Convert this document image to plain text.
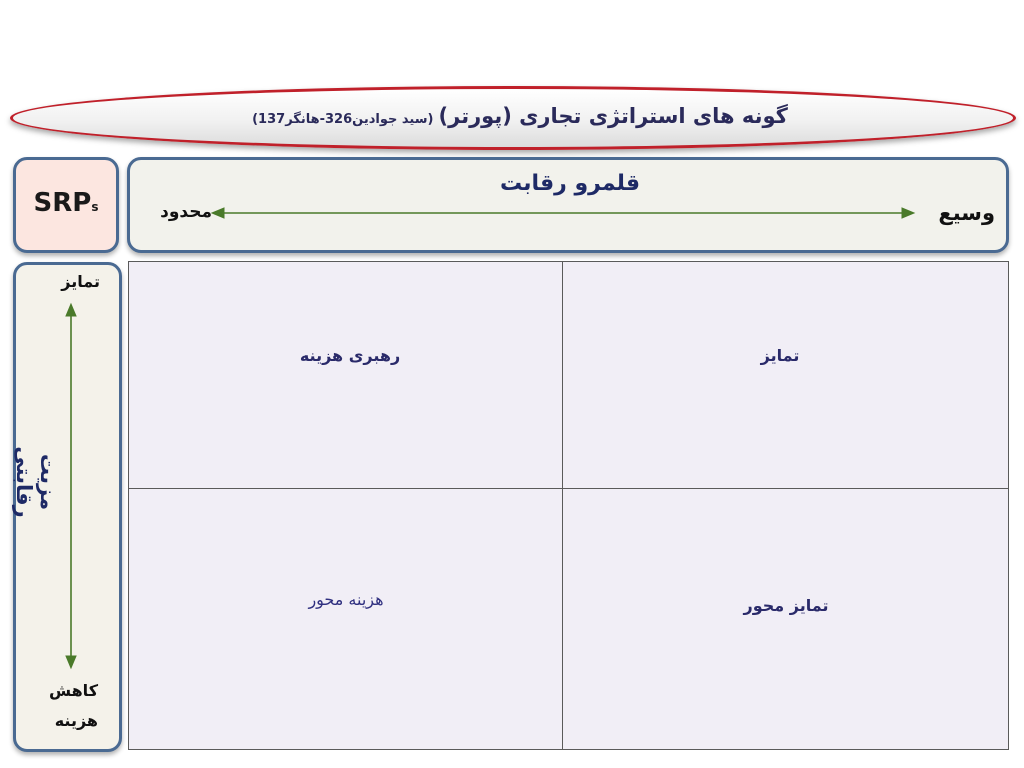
گونه های استراتژی تجاری (پورتر) (سید جوادین326-هانگر137)
SRPs
قلمرو رقابت
وسیع
محدود
تمایز
مزیت رقابتی
کاهش
هزینه
رهبری هزینه	تمایز
هزینه محور	تمایز محور
